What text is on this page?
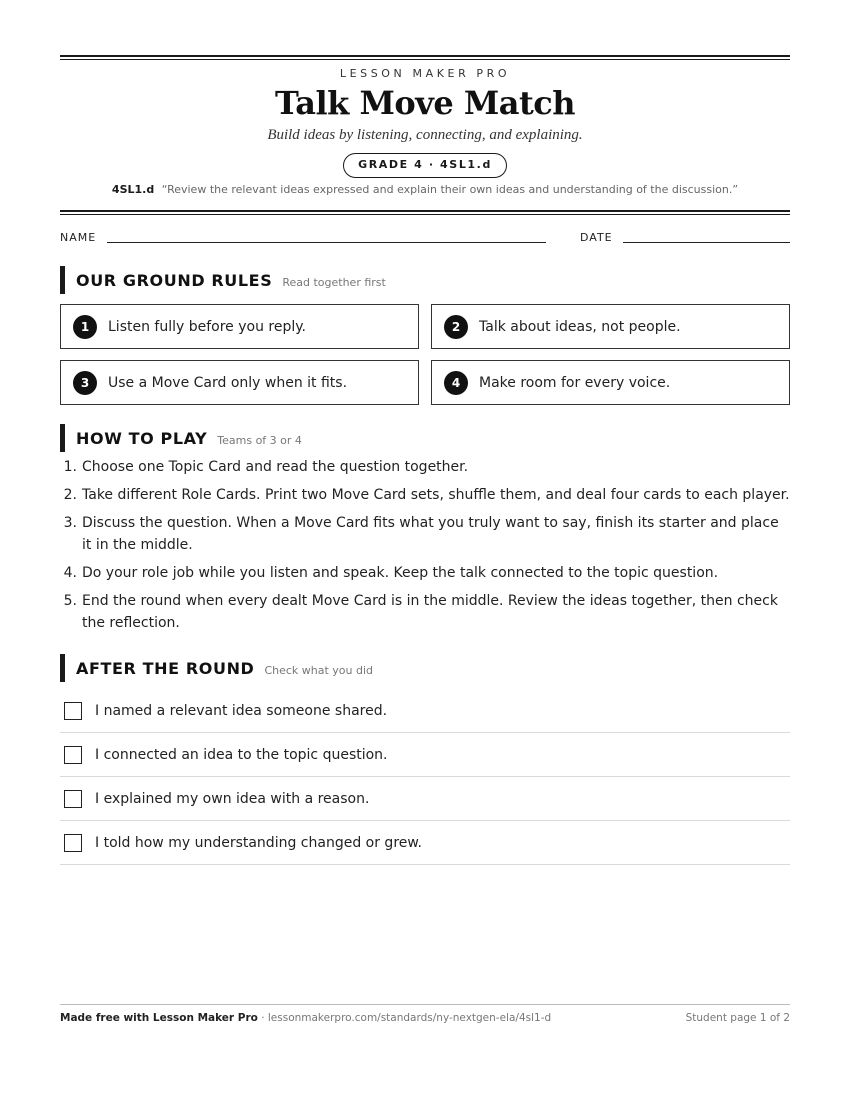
LESSON MAKER PRO
Talk Move Match
Build ideas by listening, connecting, and explaining.
GRADE 4 · 4SL1.d
4SL1.d “Review the relevant ideas expressed and explain their own ideas and understanding of the discussion.”
NAME	DATE
OUR GROUND RULES Read together first
1	Listen fully before you reply.	2	Talk about ideas, not people.
3	Use a Move Card only when it fits.	4	Make room for every voice.
HOW TO PLAY Teams of 3 or 4
1. Choose one Topic Card and read the question together.
2. Take different Role Cards. Print two Move Card sets, shuffle them, and deal four cards to each player.
3. Discuss the question. When a Move Card fits what you truly want to say, finish its starter and place it in the middle.
4. Do your role job while you listen and speak. Keep the talk connected to the topic question.
5. End the round when every dealt Move Card is in the middle. Review the ideas together, then check the reflection.
AFTER THE ROUND Check what you did
I named a relevant idea someone shared.
I connected an idea to the topic question.
I explained my own idea with a reason.
I told how my understanding changed or grew.
Made free with Lesson Maker Pro · lessonmakerpro.com/standards/ny-nextgen-ela/4sl1-d	Student page 1 of 2
